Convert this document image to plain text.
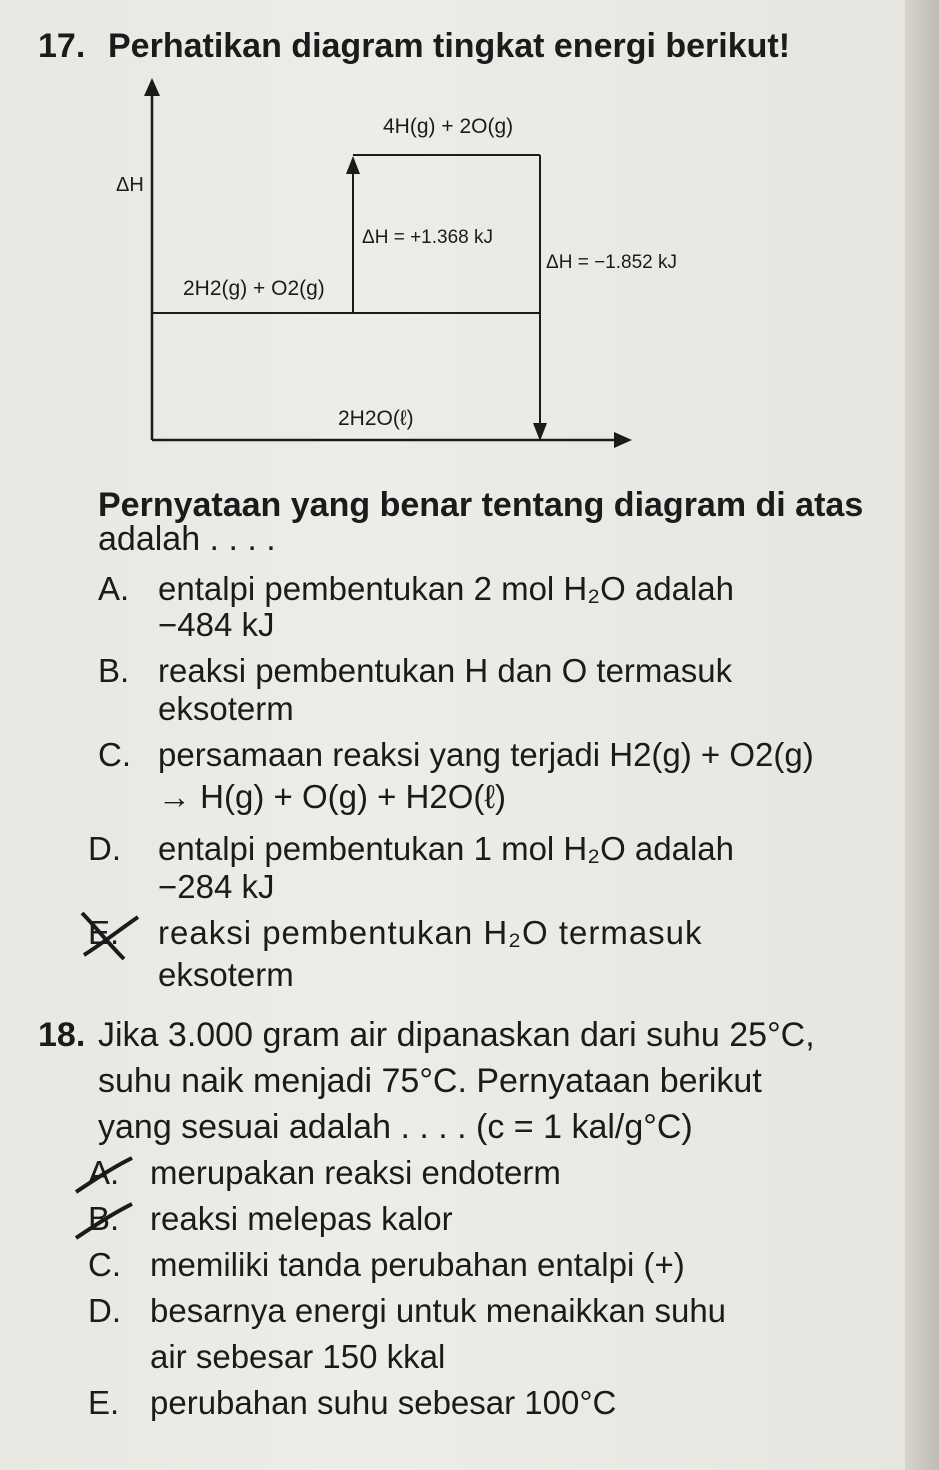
17. Perhatikan diagram tingkat energi berikut!
ΔH
4H(g) + 2O(g)
2H2(g) + O2(g)
2H2O(ℓ)
ΔH = +1.368 kJ
ΔH = −1.852 kJ
Pernyataan yang benar tentang diagram di atas
adalah . . . .
A. entalpi pembentukan 2 mol H₂O adalah
−484 kJ
B. reaksi pembentukan H dan O termasuk
eksoterm
C. persamaan reaksi yang terjadi H2(g) + O2(g)
→ H(g) + O(g) + H2O(ℓ)
D. entalpi pembentukan 1 mol H₂O adalah
−284 kJ
E. reaksi pembentukan H₂O termasuk
eksoterm
18. Jika 3.000 gram air dipanaskan dari suhu 25°C,
suhu naik menjadi 75°C. Pernyataan berikut
yang sesuai adalah . . . . (c = 1 kal/g°C)
A. merupakan reaksi endoterm
B. reaksi melepas kalor
C. memiliki tanda perubahan entalpi (+)
D. besarnya energi untuk menaikkan suhu
air sebesar 150 kkal
E. perubahan suhu sebesar 100°C
